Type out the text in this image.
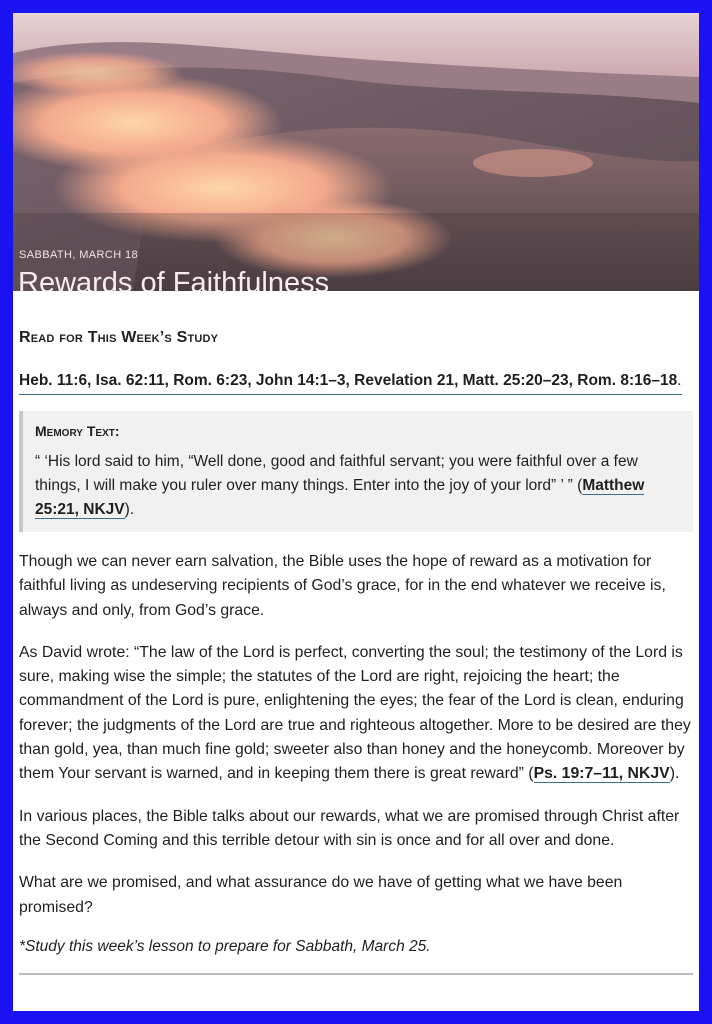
SABBATH, MARCH 18
Rewards of Faithfulness
Read for This Week’s Study
Heb. 11:6, Isa. 62:11, Rom. 6:23, John 14:1–3, Revelation 21, Matt. 25:20–23, Rom. 8:16–18.
Memory Text:
“ ‘His lord said to him, “Well done, good and faithful servant; you were faithful over a few things, I will make you ruler over many things. Enter into the joy of your lord” ’ ” (Matthew 25:21, NKJV).

Though we can never earn salvation, the Bible uses the hope of reward as a motivation for faithful living as undeserving recipients of God’s grace, for in the end whatever we receive is, always and only, from God’s grace.

As David wrote: “The law of the Lord is perfect, converting the soul; the testimony of the Lord is sure, making wise the simple; the statutes of the Lord are right, rejoicing the heart; the commandment of the Lord is pure, enlightening the eyes; the fear of the Lord is clean, enduring forever; the judgments of the Lord are true and righteous altogether. More to be desired are they than gold, yea, than much fine gold; sweeter also than honey and the honeycomb. Moreover by them Your servant is warned, and in keeping them there is great reward” (Ps. 19:7–11, NKJV).

In various places, the Bible talks about our rewards, what we are promised through Christ after the Second Coming and this terrible detour with sin is once and for all over and done.

What are we promised, and what assurance do we have of getting what we have been promised?

*Study this week’s lesson to prepare for Sabbath, March 25.
